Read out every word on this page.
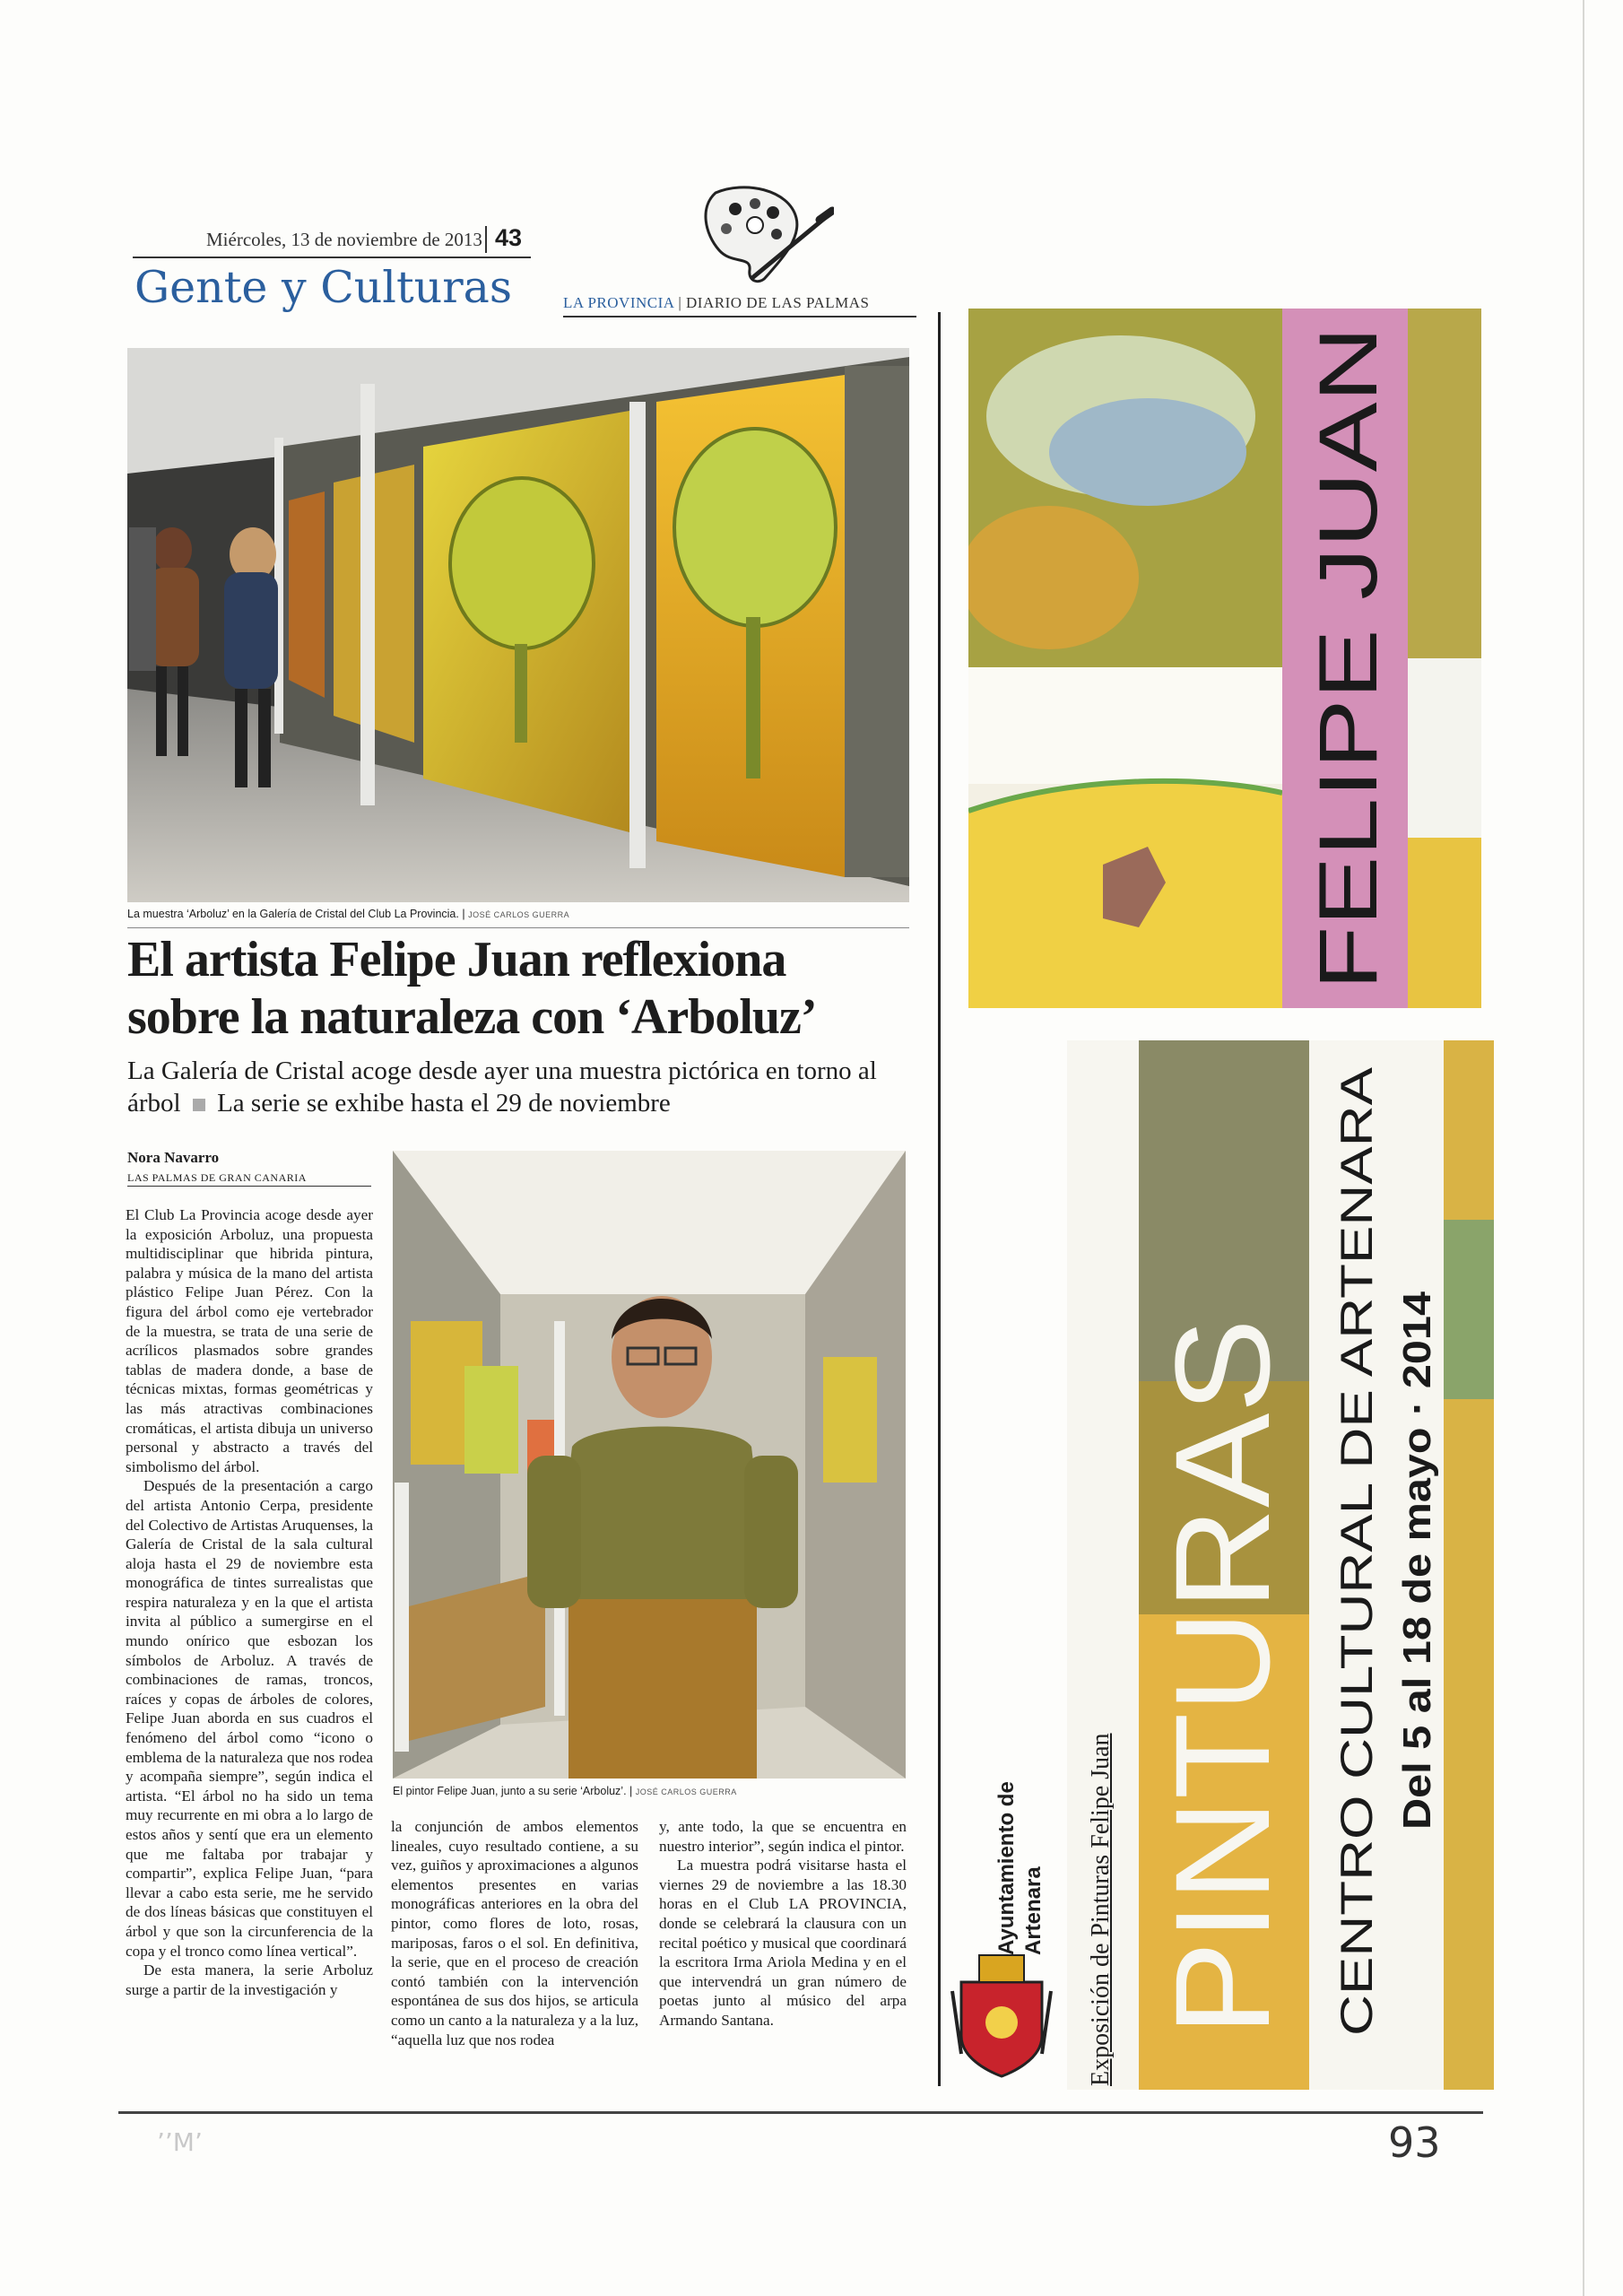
Miércoles, 13 de noviembre de 2013 43
Gente y Culturas	LA PROVINCIA | DIARIO DE LAS PALMAS
La muestra ‘Arboluz’ en la Galería de Cristal del Club La Provincia. | JOSÉ CARLOS GUERRA
El artista Felipe Juan reflexiona
sobre la naturaleza con ‘Arboluz’
La Galería de Cristal acoge desde ayer una muestra pictórica en torno al árbol La serie se exhibe hasta el 29 de noviembre
Nora Navarro
LAS PALMAS DE GRAN CANARIA

El Club La Provincia acoge desde ayer la exposición Arboluz, una propuesta multidisciplinar que hibrida pintura, palabra y música de la mano del artista plástico Felipe Juan Pérez. Con la figura del árbol como eje vertebrador de la muestra, se trata de una serie de acrílicos plasmados sobre grandes tablas de madera donde, a base de técnicas mixtas, formas geométricas y las más atractivas combinaciones cromáticas, el artista dibuja un universo personal y abstracto a través del simbolismo del árbol.

Después de la presentación a cargo del artista Antonio Cerpa, presidente del Colectivo de Artistas Aruquenses, la Galería de Cristal de la sala cultural aloja hasta el 29 de noviembre esta monográfica de tintes surrealistas que respira naturaleza y en la que el artista invita al público a sumergirse en el mundo onírico que esbozan los símbolos de Arboluz. A través de combinaciones de ramas, troncos, raíces y copas de árboles de colores, Felipe Juan aborda en sus cuadros el fenómeno del árbol como “icono o emblema de la naturaleza que nos rodea y acompaña siempre”, según indica el artista. “El árbol no ha sido un tema muy recurrente en mi obra a lo largo de estos años y sentí que era un elemento que me faltaba por trabajar y compartir”, explica Felipe Juan, “para llevar a cabo esta serie, me he servido de dos líneas básicas que constituyen el árbol y que son la circunferencia de la copa y el tronco como línea vertical”.

De esta manera, la serie Arboluz surge a partir de la investigación y

la conjunción de ambos elementos lineales, cuyo resultado contiene, a su vez, guiños y aproximaciones a algunos elementos presentes en varias monográficas anteriores en la obra del pintor, como flores de loto, rosas, mariposas, faros o el sol. En definitiva, la serie, que en el proceso de creación contó también con la intervención espontánea de sus dos hijos, se articula como un canto a la naturaleza y a la luz, “aquella luz que nos rodea

y, ante todo, la que se encuentra en nuestro interior”, según indica el pintor.

La muestra podrá visitarse hasta el viernes 29 de noviembre a las 18.30 horas en el Club LA PROVINCIA, donde se celebrará la clausura con un recital poético y musical que coordinará la escritora Irma Ariola Medina y en el que intervendrá un gran número de poetas junto al músico del arpa Armando Santana.

El pintor Felipe Juan, junto a su serie ‘Arboluz’. | JOSÉ CARLOS GUERRA
FELIPE JUAN
PINTURAS CENTRO CULTURAL DE ARTENARA Del 5 al 18 de mayo · 2014
Ayuntamiento de Artenara Exposición de Pinturas Felipe Juan
’’M’	93
